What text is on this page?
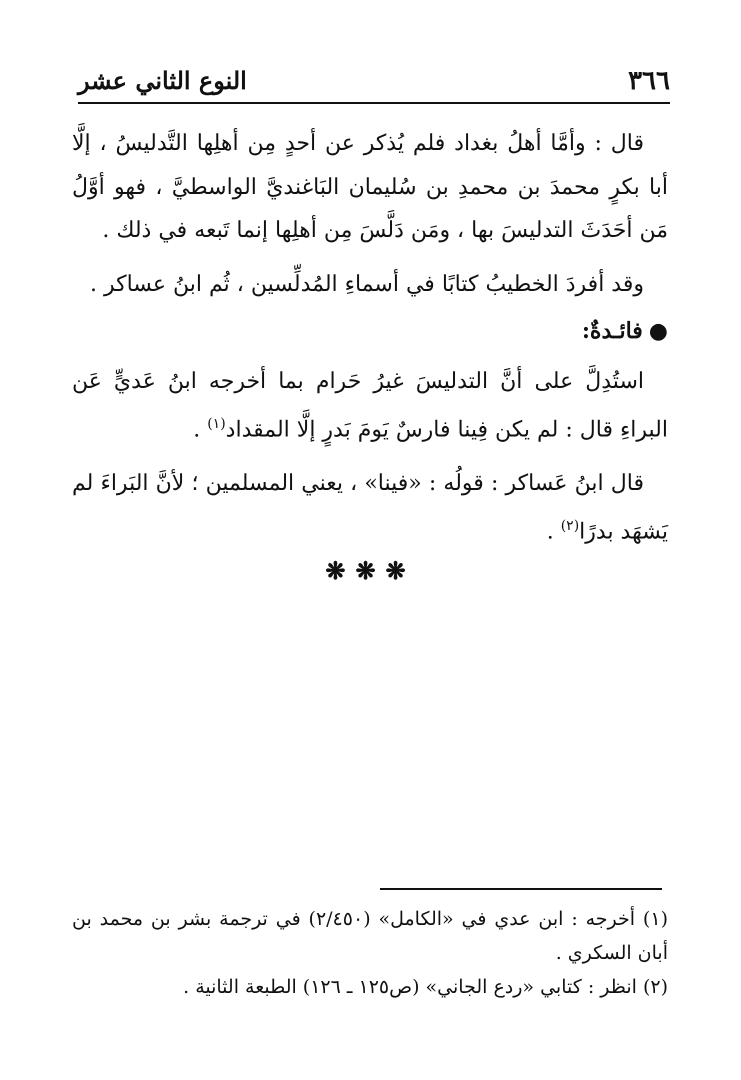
٣٦٦
النوع الثاني عشر

قال : وأمَّا أهلُ بغداد فلم يُذكر عن أحدٍ مِن أهلِها التَّدليسُ ، إلَّا أبا بكرٍ محمدَ بن محمدِ بن سُليمان البَاغنديَّ الواسطيَّ ، فهو أوَّلُ مَن أحَدَثَ التدليسَ بها ، ومَن دَلَّسَ مِن أهلِها إنما تَبعه في ذلك .

وقد أفردَ الخطيبُ كتابًا في أسماءِ المُدلِّسين ، ثُم ابنُ عساكر .

●فائـدةٌ:

استُدِلَّ على أنَّ التدليسَ غيرُ حَرام بما أخرجه ابنُ عَديٍّ عَن البراءِ قال : لم يكن فِينا فارسٌ يَومَ بَدرٍ إلَّا المقداد$^{(١)}$ .

قال ابنُ عَساكر : قولُه : «فينا» ، يعني المسلمين ؛ لأنَّ البَراءَ لم يَشهَد بدرًا$^{(٢)}$ .

❋❋❋

(١) أخرجه : ابن عدي في «الكامل» (٢/٤٥٠) في ترجمة بشر بن محمد بن أبان السكري .

(٢) انظر : كتابي «ردع الجاني» (ص١٢٥ ـ ١٢٦) الطبعة الثانية .
